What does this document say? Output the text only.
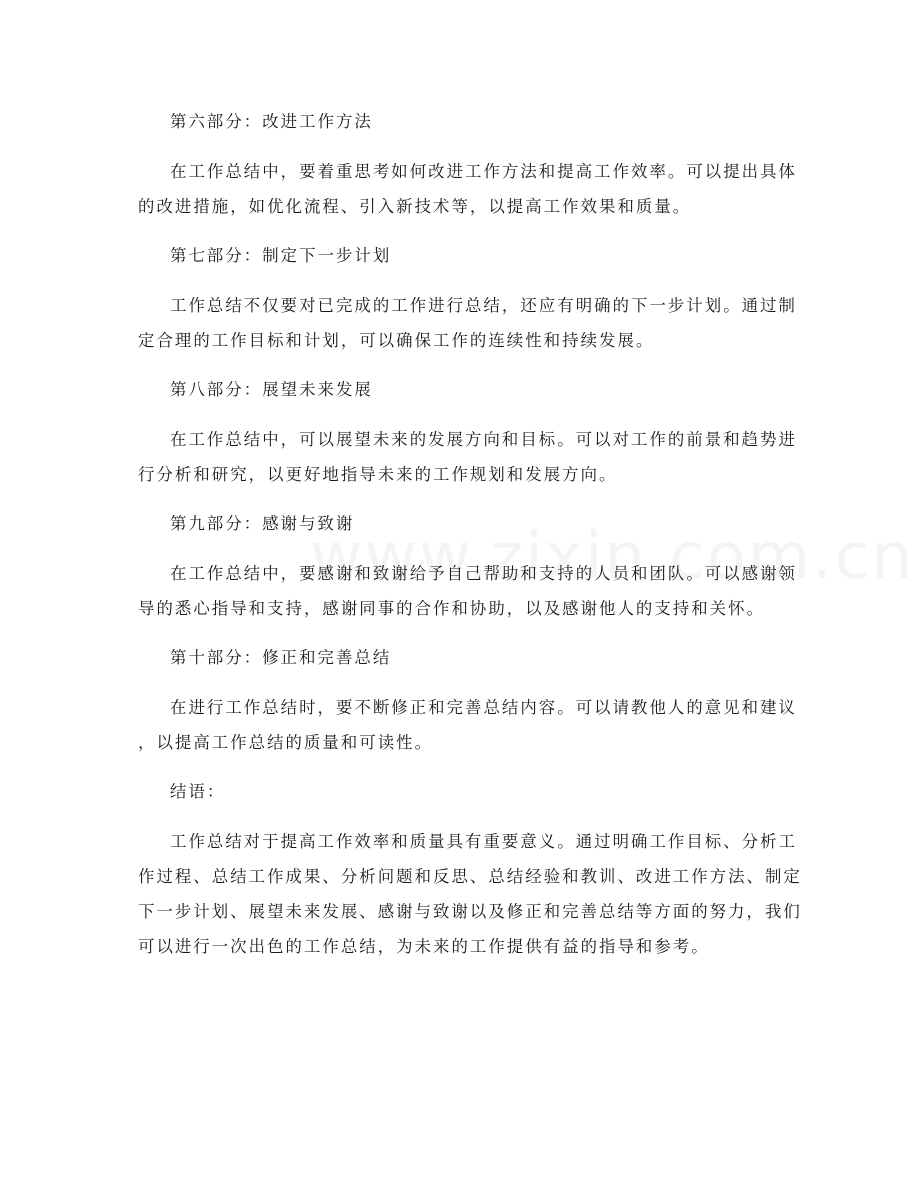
第六部分：改进工作方法
在工作总结中，要着重思考如何改进工作方法和提高工作效率。可以提出具体
的改进措施，如优化流程、引入新技术等，以提高工作效果和质量。
第七部分：制定下一步计划
工作总结不仅要对已完成的工作进行总结，还应有明确的下一步计划。通过制
定合理的工作目标和计划，可以确保工作的连续性和持续发展。
第八部分：展望未来发展
在工作总结中，可以展望未来的发展方向和目标。可以对工作的前景和趋势进
行分析和研究，以更好地指导未来的工作规划和发展方向。
第九部分：感谢与致谢
在工作总结中，要感谢和致谢给予自己帮助和支持的人员和团队。可以感谢领
导的悉心指导和支持，感谢同事的合作和协助，以及感谢他人的支持和关怀。
第十部分：修正和完善总结
在进行工作总结时，要不断修正和完善总结内容。可以请教他人的意见和建议
，以提高工作总结的质量和可读性。
结语：
工作总结对于提高工作效率和质量具有重要意义。通过明确工作目标、分析工
作过程、总结工作成果、分析问题和反思、总结经验和教训、改进工作方法、制定
下一步计划、展望未来发展、感谢与致谢以及修正和完善总结等方面的努力，我们
可以进行一次出色的工作总结，为未来的工作提供有益的指导和参考。
